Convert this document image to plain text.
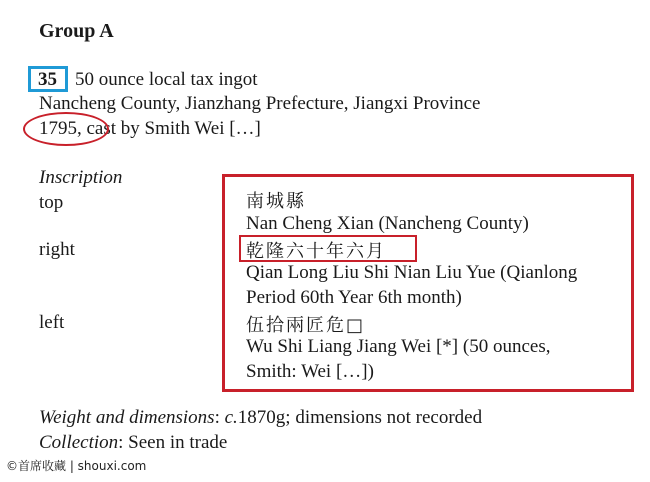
Group A
35 50 ounce local tax ingot
Nancheng County, Jianzhang Prefecture, Jiangxi Province
1795, cast by Smith Wei […]
Inscription
top
right
left
南城縣
Nan Cheng Xian (Nancheng County)
乾隆六十年六月
Qian Long Liu Shi Nian Liu Yue (Qianlong
Period 60th Year 6th month)
伍拾兩匠危□
Wu Shi Liang Jiang Wei [*] (50 ounces,
Smith: Wei […])
Weight and dimensions: c.1870g; dimensions not recorded
Collection: Seen in trade
©首席收藏 | shouxi.com
